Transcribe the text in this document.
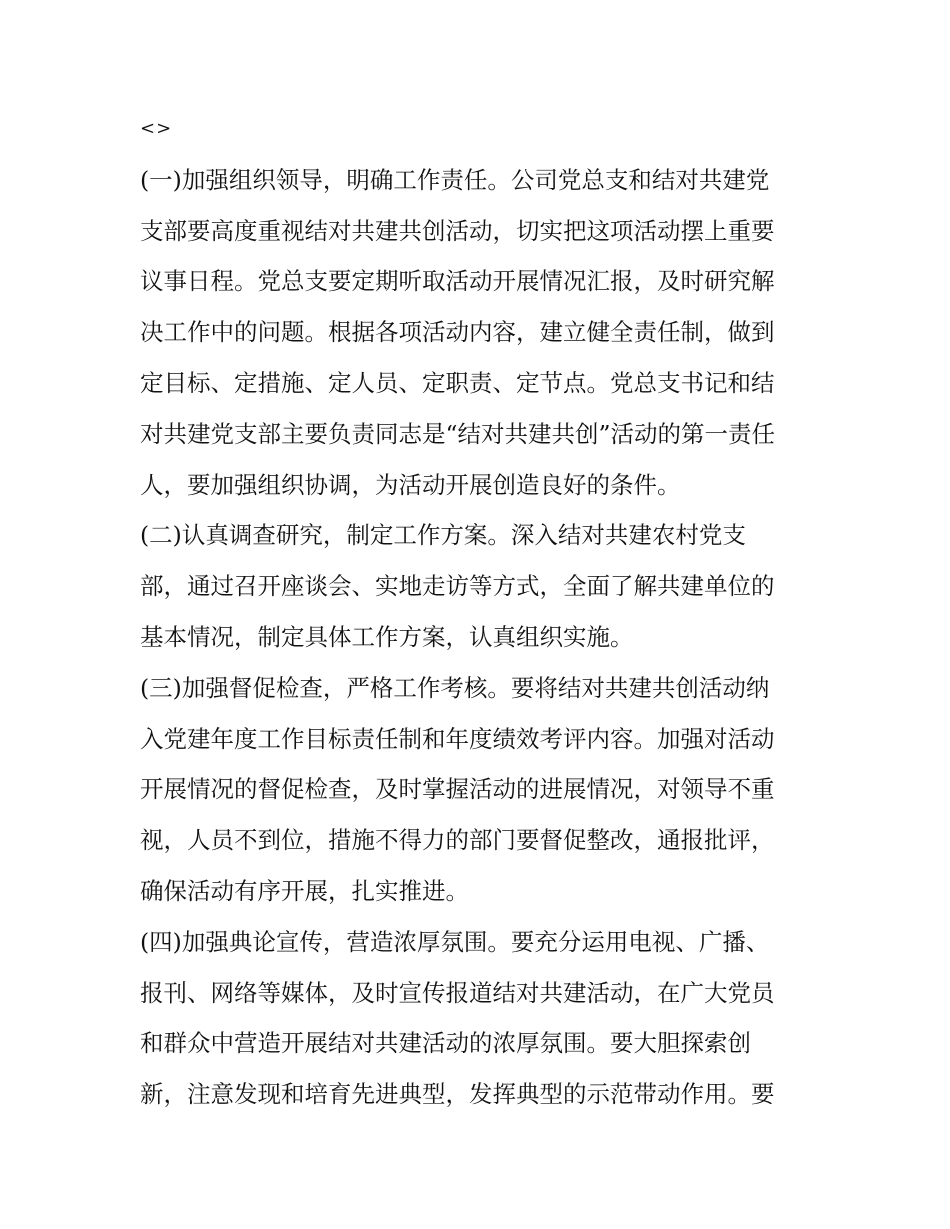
<>
(一)加强组织领导，明确工作责任。公司党总支和结对共建党
支部要高度重视结对共建共创活动，切实把这项活动摆上重要
议事日程。党总支要定期听取活动开展情况汇报，及时研究解
决工作中的问题。根据各项活动内容，建立健全责任制，做到
定目标、定措施、定人员、定职责、定节点。党总支书记和结
对共建党支部主要负责同志是“结对共建共创”活动的第一责任
人，要加强组织协调，为活动开展创造良好的条件。
(二)认真调查研究，制定工作方案。深入结对共建农村党支
部，通过召开座谈会、实地走访等方式，全面了解共建单位的
基本情况，制定具体工作方案，认真组织实施。
(三)加强督促检查，严格工作考核。要将结对共建共创活动纳
入党建年度工作目标责任制和年度绩效考评内容。加强对活动
开展情况的督促检查，及时掌握活动的进展情况，对领导不重
视，人员不到位，措施不得力的部门要督促整改，通报批评，
确保活动有序开展，扎实推进。
(四)加强典论宣传，营造浓厚氛围。要充分运用电视、广播、
报刊、网络等媒体，及时宣传报道结对共建活动，在广大党员
和群众中营造开展结对共建活动的浓厚氛围。要大胆探索创
新，注意发现和培育先进典型，发挥典型的示范带动作用。要
